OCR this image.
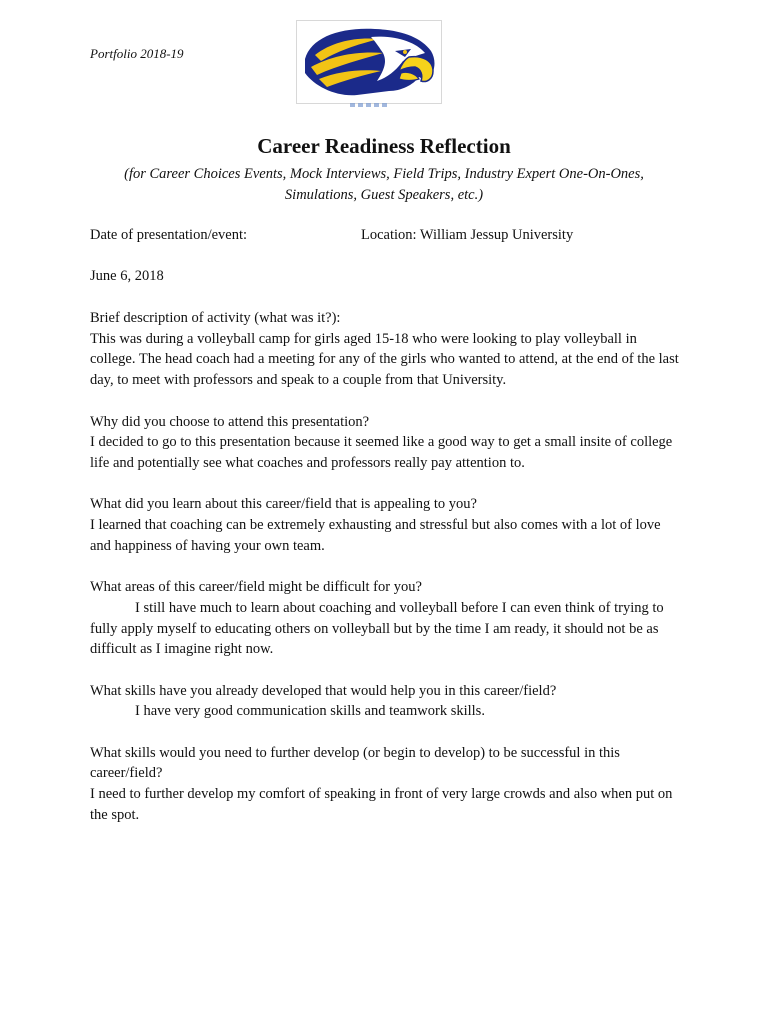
Portfolio 2018-19
Career Readiness Reflection
(for Career Choices Events, Mock Interviews, Field Trips, Industry Expert One-On-Ones, Simulations, Guest Speakers, etc.)
Date of presentation/event:	Location: William Jessup University
June 6, 2018

Brief description of activity (what was it?):

This was during a volleyball camp for girls aged 15-18 who were looking to play volleyball in college. The head coach had a meeting for any of the girls who wanted to attend, at the end of the last day, to meet with professors and speak to a couple from that University.

Why did you choose to attend this presentation?

I decided to go to this presentation because it seemed like a good way to get a small insite of college life and potentially see what coaches and professors really pay attention to.

What did you learn about this career/field that is appealing to you?

I learned that coaching can be extremely exhausting and stressful but also comes with a lot of love and happiness of having your own team.

What areas of this career/field might be difficult for you?

I still have much to learn about coaching and volleyball before I can even think of trying to fully apply myself to educating others on volleyball but by the time I am ready, it should not be as difficult as I imagine right now.

What skills have you already developed that would help you in this career/field?

I have very good communication skills and teamwork skills.

What skills would you need to further develop (or begin to develop) to be successful in this career/field?

I need to further develop my comfort of speaking in front of very large crowds and also when put on the spot.
